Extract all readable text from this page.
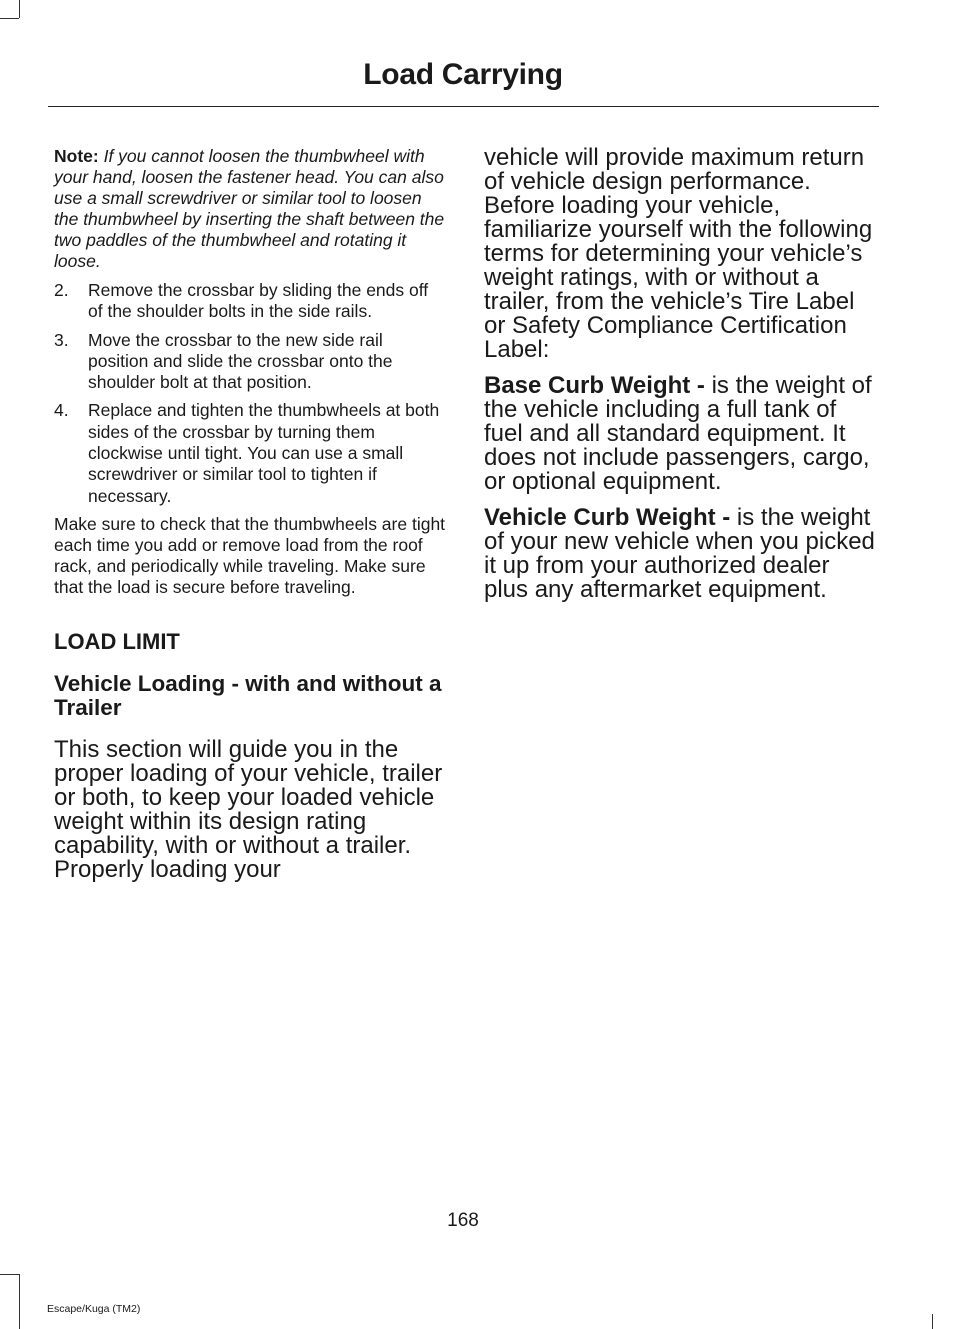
Load Carrying

Note: If you cannot loosen the thumbwheel with your hand, loosen the fastener head. You can also use a small screwdriver or similar tool to loosen the thumbwheel by inserting the shaft between the two paddles of the thumbwheel and rotating it loose.

2. Remove the crossbar by sliding the ends off of the shoulder bolts in the side rails.
3. Move the crossbar to the new side rail position and slide the crossbar onto the shoulder bolt at that position.
4. Replace and tighten the thumbwheels at both sides of the crossbar by turning them clockwise until tight. You can use a small screwdriver or similar tool to tighten if necessary.

Make sure to check that the thumbwheels are tight each time you add or remove load from the roof rack, and periodically while traveling. Make sure that the load is secure before traveling.

LOAD LIMIT
Vehicle Loading - with and without a Trailer

This section will guide you in the proper loading of your vehicle, trailer or both, to keep your loaded vehicle weight within its design rating capability, with or without a trailer. Properly loading your

vehicle will provide maximum return of vehicle design performance. Before loading your vehicle, familiarize yourself with the following terms for determining your vehicle’s weight ratings, with or without a trailer, from the vehicle’s Tire Label or Safety Compliance Certification Label:

Base Curb Weight - is the weight of the vehicle including a full tank of fuel and all standard equipment. It does not include passengers, cargo, or optional equipment.

Vehicle Curb Weight - is the weight of your new vehicle when you picked it up from your authorized dealer plus any aftermarket equipment.

168
Escape/Kuga (TM2)
